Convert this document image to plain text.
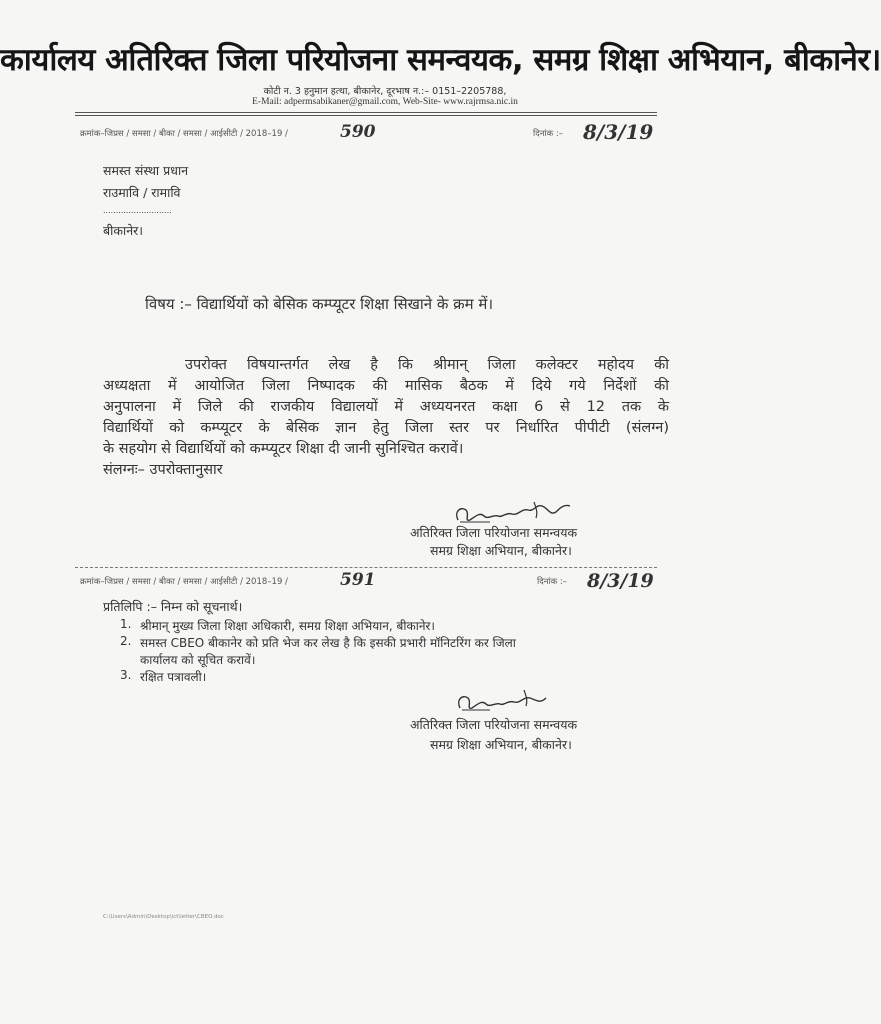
कार्यालय अतिरिक्त जिला परियोजना समन्वयक, समग्र शिक्षा अभियान, बीकानेर।
कोटी न. 3 हनुमान हत्था, बीकानेर, दूरभाष न.:– 0151–2205788,
E-Mail: adpermsabikaner@gmail.com, Web-Site- www.rajrmsa.nic.in
क्रमांक–जिप्रस / समसा / बीका / समसा / आईसीटी / 2018–19 /	590	दिनांक :– 8/3/19
समस्त संस्था प्रधान
राउमावि / रामावि
...........................
बीकानेर।
विषय :– विद्यार्थियों को बेसिक कम्प्यूटर शिक्षा सिखाने के क्रम में।
उपरोक्त विषयान्तर्गत लेख है कि श्रीमान् जिला कलेक्टर महोदय की
अध्यक्षता में आयोजित जिला निष्पादक की मासिक बैठक में दिये गये निर्देशों की
अनुपालना में जिले की राजकीय विद्यालयों में अध्ययनरत कक्षा 6 से 12 तक के
विद्यार्थियों को कम्प्यूटर के बेसिक ज्ञान हेतु जिला स्तर पर निर्धारित पीपीटी (संलग्न)
के सहयोग से विद्यार्थियों को कम्प्यूटर शिक्षा दी जानी सुनिश्चित करावें।
संलग्नः– उपरोक्तानुसार
अतिरिक्त जिला परियोजना समन्वयक
समग्र शिक्षा अभियान, बीकानेर।
क्रमांक–जिप्रस / समसा / बीका / समसा / आईसीटी / 2018–19 /	591	दिनांक :– 8/3/19
प्रतिलिपि :– निम्न को सूचनार्थ।
1. श्रीमान् मुख्य जिला शिक्षा अधिकारी, समग्र शिक्षा अभियान, बीकानेर।
2. समस्त CBEO बीकानेर को प्रति भेज कर लेख है कि इसकी प्रभारी मॉनिटरिंग कर जिला
कार्यालय को सूचित करावें।
3. रक्षित पत्रावली।
अतिरिक्त जिला परियोजना समन्वयक
समग्र शिक्षा अभियान, बीकानेर।
C:\Users\Admin\Desktop\ict\letter\CBEO.doc
